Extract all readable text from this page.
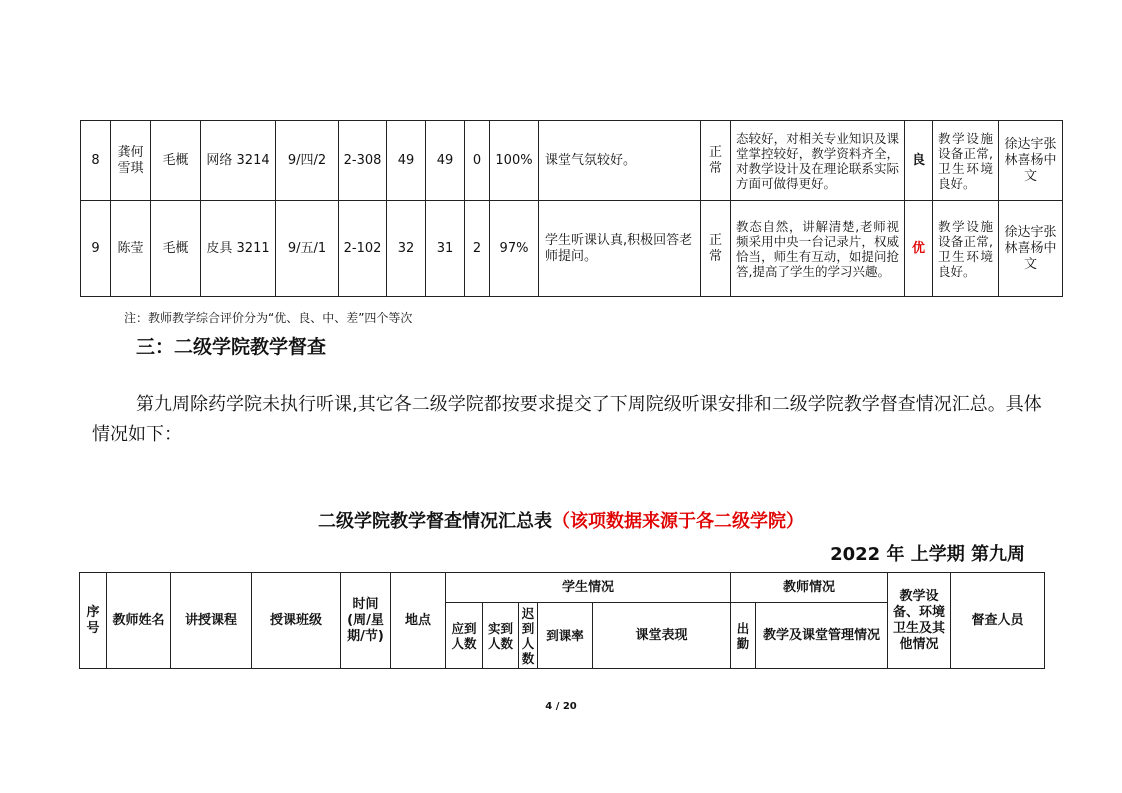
8	龚何雪琪	毛概	网络 3214	9/四/2	2-308	49	49	0	100%	课堂气氛较好。	正常	态较好，对相关专业知识及课堂掌控较好，教学资料齐全，对教学设计及在理论联系实际方面可做得更好。	良	教学设施设备正常,卫生环境良好。	徐达宇张林喜杨中文
9	陈莹	毛概	皮具 3211	9/五/1	2-102	32	31	2	97%	学生听课认真,积极回答老师提问。	正常	教态自然，讲解清楚,老师视频采用中央一台记录片，权威恰当，师生有互动，如提问抢答,提高了学生的学习兴趣。	优	教学设施设备正常,卫生环境良好。	徐达宇张林喜杨中文
注：教师教学综合评价分为“优、良、中、差”四个等次
三：二级学院教学督查
第九周除药学院未执行听课,其它各二级学院都按要求提交了下周院级听课安排和二级学院教学督查情况汇总。具体情况如下：
二级学院教学督查情况汇总表（该项数据来源于各二级学院）
2022 年 上学期 第九周
序号	教师姓名	讲授课程	授课班级	时间(周/星期/节)	地点	学生情况					教师情况		教学设备、环境卫生及其他情况	督查人员
						应到人数	实到人数	迟到人数	到课率	课堂表现	出勤	教学及课堂管理情况		
4 / 20
